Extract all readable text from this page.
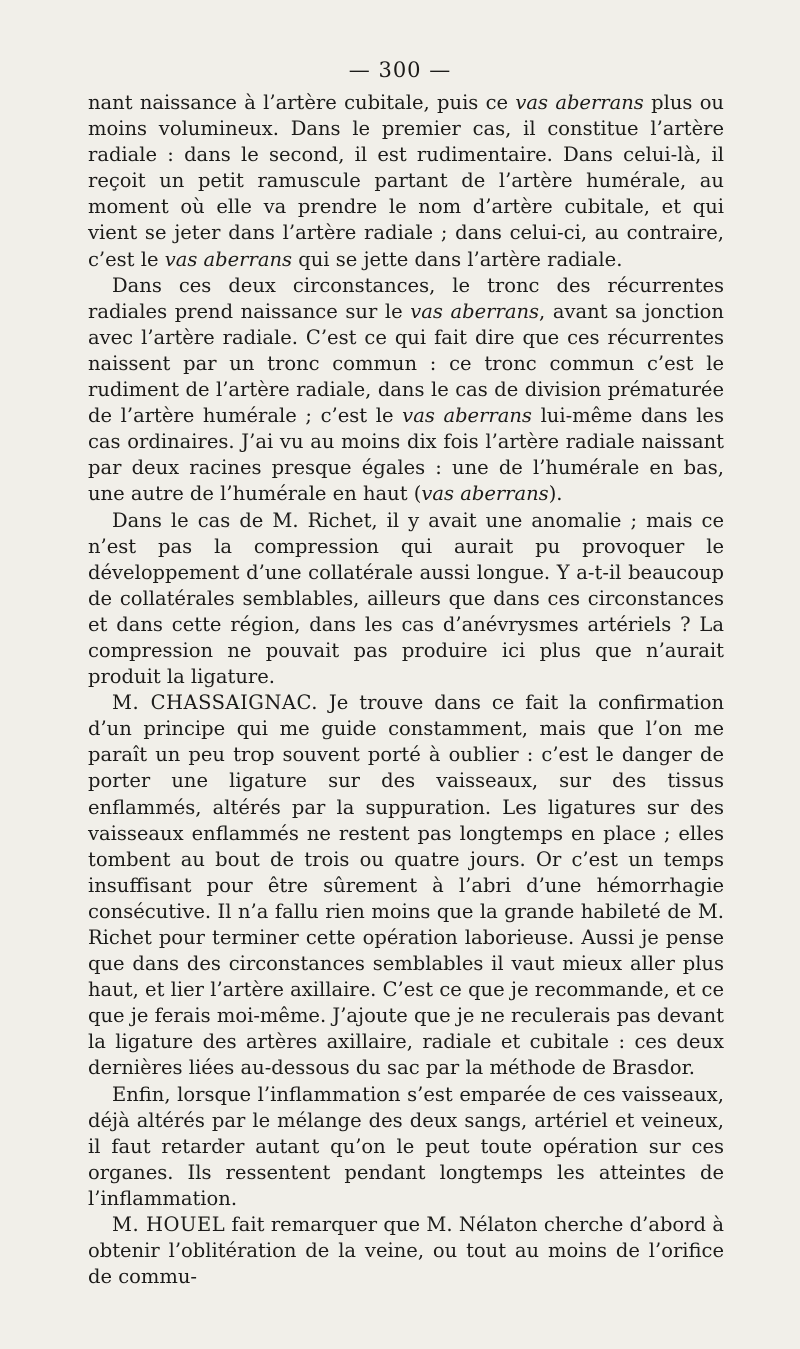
— 300 —

nant naissance à l’artère cubitale, puis ce vas aberrans plus ou moins volumineux. Dans le premier cas, il constitue l’artère radiale : dans le second, il est rudimentaire. Dans celui-là, il reçoit un petit ramuscule partant de l’artère humérale, au moment où elle va prendre le nom d’artère cubitale, et qui vient se jeter dans l’artère radiale ; dans celui-ci, au contraire, c’est le vas aberrans qui se jette dans l’artère radiale.

Dans ces deux circonstances, le tronc des récurrentes radiales prend naissance sur le vas aberrans, avant sa jonction avec l’artère radiale. C’est ce qui fait dire que ces récurrentes naissent par un tronc commun : ce tronc commun c’est le rudiment de l’artère radiale, dans le cas de division prématurée de l’artère humérale ; c’est le vas aberrans lui-même dans les cas ordinaires. J’ai vu au moins dix fois l’artère radiale naissant par deux racines presque égales : une de l’humérale en bas, une autre de l’humérale en haut (vas aberrans).

Dans le cas de M. Richet, il y avait une anomalie ; mais ce n’est pas la compression qui aurait pu provoquer le développement d’une collatérale aussi longue. Y a-t-il beaucoup de collatérales semblables, ailleurs que dans ces circonstances et dans cette région, dans les cas d’anévrysmes artériels ? La compression ne pouvait pas produire ici plus que n’aurait produit la ligature.

M. CHASSAIGNAC. Je trouve dans ce fait la confirmation d’un principe qui me guide constamment, mais que l’on me paraît un peu trop souvent porté à oublier : c’est le danger de porter une ligature sur des vaisseaux, sur des tissus enflammés, altérés par la suppuration. Les ligatures sur des vaisseaux enflammés ne restent pas longtemps en place ; elles tombent au bout de trois ou quatre jours. Or c’est un temps insuffisant pour être sûrement à l’abri d’une hémorrhagie consécutive. Il n’a fallu rien moins que la grande habileté de M. Richet pour terminer cette opération laborieuse. Aussi je pense que dans des circonstances semblables il vaut mieux aller plus haut, et lier l’artère axillaire. C’est ce que je recommande, et ce que je ferais moi-même. J’ajoute que je ne reculerais pas devant la ligature des artères axillaire, radiale et cubitale : ces deux dernières liées au-dessous du sac par la méthode de Brasdor.

Enfin, lorsque l’inflammation s’est emparée de ces vaisseaux, déjà altérés par le mélange des deux sangs, artériel et veineux, il faut retarder autant qu’on le peut toute opération sur ces organes. Ils ressentent pendant longtemps les atteintes de l’inflammation.

M. HOUEL fait remarquer que M. Nélaton cherche d’abord à obtenir l’oblitération de la veine, ou tout au moins de l’orifice de commu-
